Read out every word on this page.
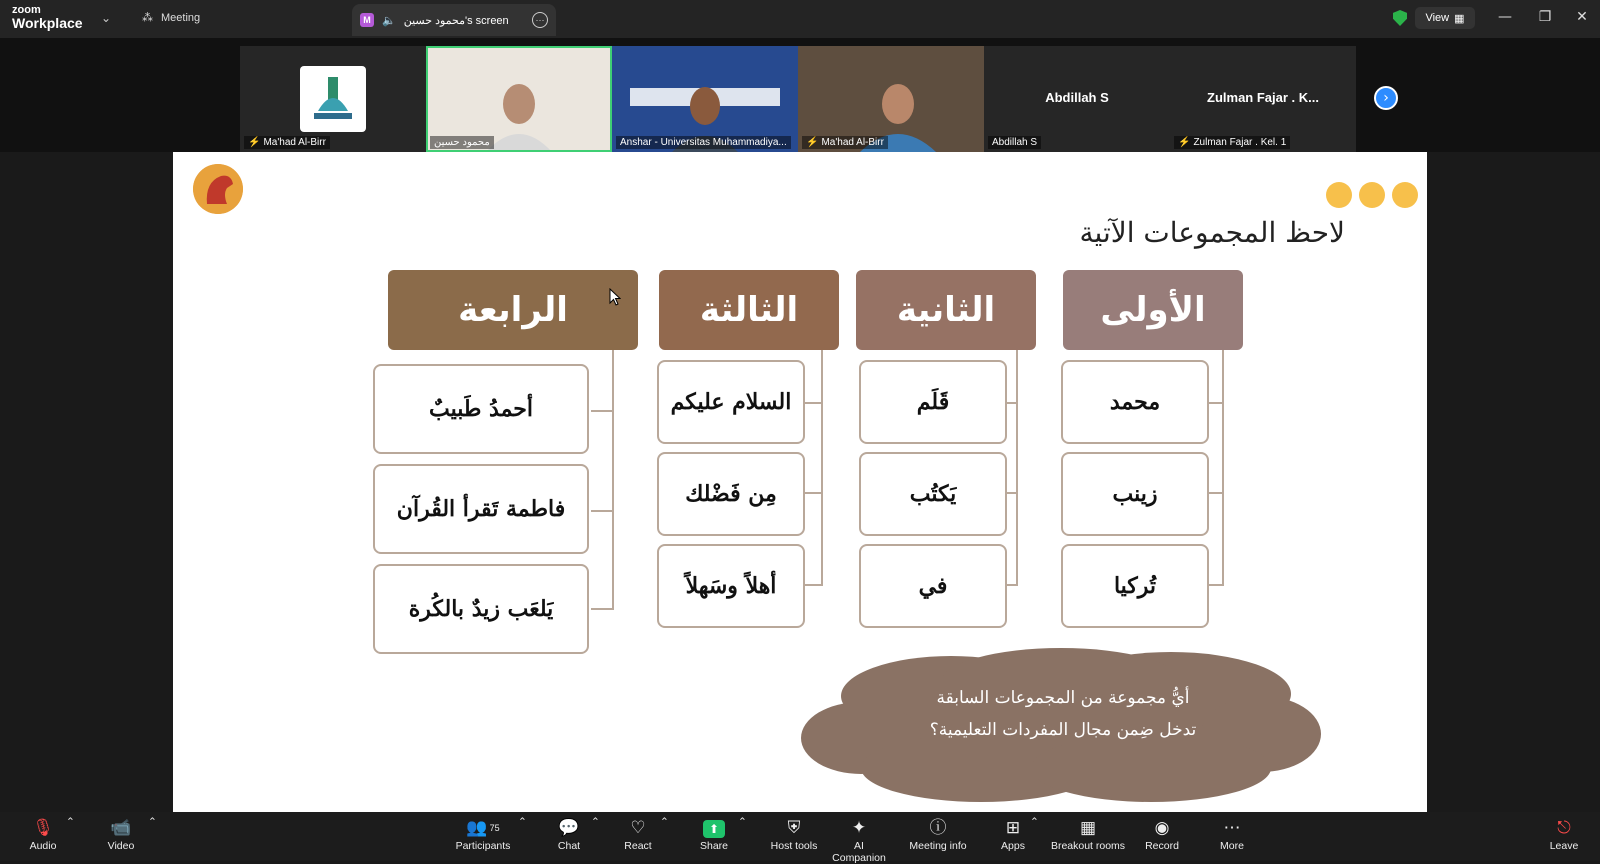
zoom
Workplace ⌄	⁂ Meeting	M 🔈 محمود حسين's screen	⋯	View ▦ — ❐ ✕
⚡ Ma'had Al-Birr	محمود حسين	Anshar - Universitas Muhammadiya...	⚡ Ma'had Al-Birr
Abdillah S
Abdillah S
Zulman Fajar . K...
⚡ Zulman Fajar . Kel. 1
›
لاحظ المجموعات الآتية
الرابعة	الثالثة	الثانية	الأولى
أحمدُ طَبيبٌ
فاطمة تَقرأ القُرآن
يَلعَب زيدٌ بالكُرة
السلام عليكم
مِن فَضْلك
أهلاً وسَهلاً
قَلَم
يَكتُب
في
محمد
زينب
تُركيا
أيُّ مجموعة من المجموعات السابقة
تدخل ضِمن مجال المفردات التعليمية؟
🎙
Audio
⌃	📹
Video
⌃	👥 $^{75}$
Participants
⌃	💬
Chat
⌃	♡
React
⌃	⬆
Share
⌃	⛨
Host tools
✦
AI Companion
ⓘ
Meeting info
⊞
Apps
⌃	▦
Breakout rooms
◉
Record
⋯
More
⎋
Leave
